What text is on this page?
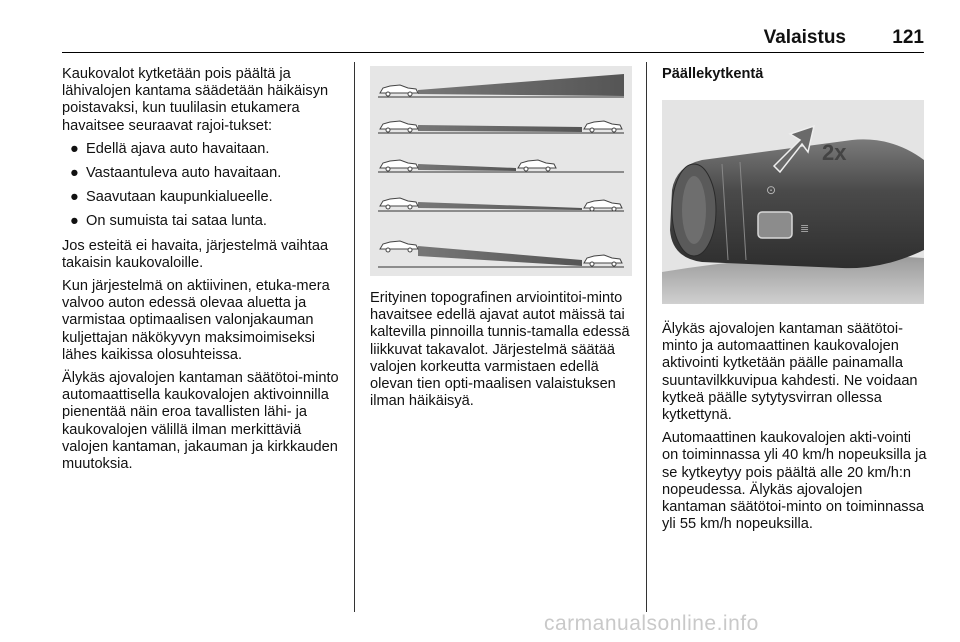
Valaistus 121

Kaukovalot kytketään pois päältä ja lähivalojen kantama säädetään häikäisyn poistavaksi, kun tuulilasin etukamera havaitsee seuraavat rajoi-tukset:

● Edellä ajava auto havaitaan.
● Vastaantuleva auto havaitaan.
● Saavutaan kaupunkialueelle.
● On sumuista tai sataa lunta.

Jos esteitä ei havaita, järjestelmä vaihtaa takaisin kaukovaloille.

Kun järjestelmä on aktiivinen, etuka-mera valvoo auton edessä olevaa aluetta ja varmistaa optimaalisen valonjakauman kuljettajan näkökyvyn maksimoimiseksi lähes kaikissa olosuhteissa.

Älykäs ajovalojen kantaman säätötoi-minto automaattisella kaukovalojen aktivoinnilla pienentää näin eroa tavallisten lähi- ja kaukovalojen välillä ilman merkittäviä valojen kantaman, jakauman ja kirkkauden muutoksia.

Erityinen topografinen arviointitoi-minto havaitsee edellä ajavat autot mäissä tai kaltevilla pinnoilla tunnis-tamalla edessä liikkuvat takavalot. Järjestelmä säätää valojen korkeutta varmistaen edellä olevan tien opti-maalisen valaistuksen ilman häikäisyä.

Päällekytkentä
⊙
≣
2x

Älykäs ajovalojen kantaman säätötoi-minto ja automaattinen kaukovalojen aktivointi kytketään päälle painamalla suuntavilkkuvipua kahdesti. Ne voidaan kytkeä päälle sytytysvirran ollessa kytkettynä.

Automaattinen kaukovalojen akti-vointi on toiminnassa yli 40 km/h nopeuksilla ja se kytkeytyy pois päältä alle 20 km/h:n nopeudessa. Älykäs ajovalojen kantaman säätötoi-minto on toiminnassa yli 55 km/h nopeuksilla.

carmanualsonline.info
